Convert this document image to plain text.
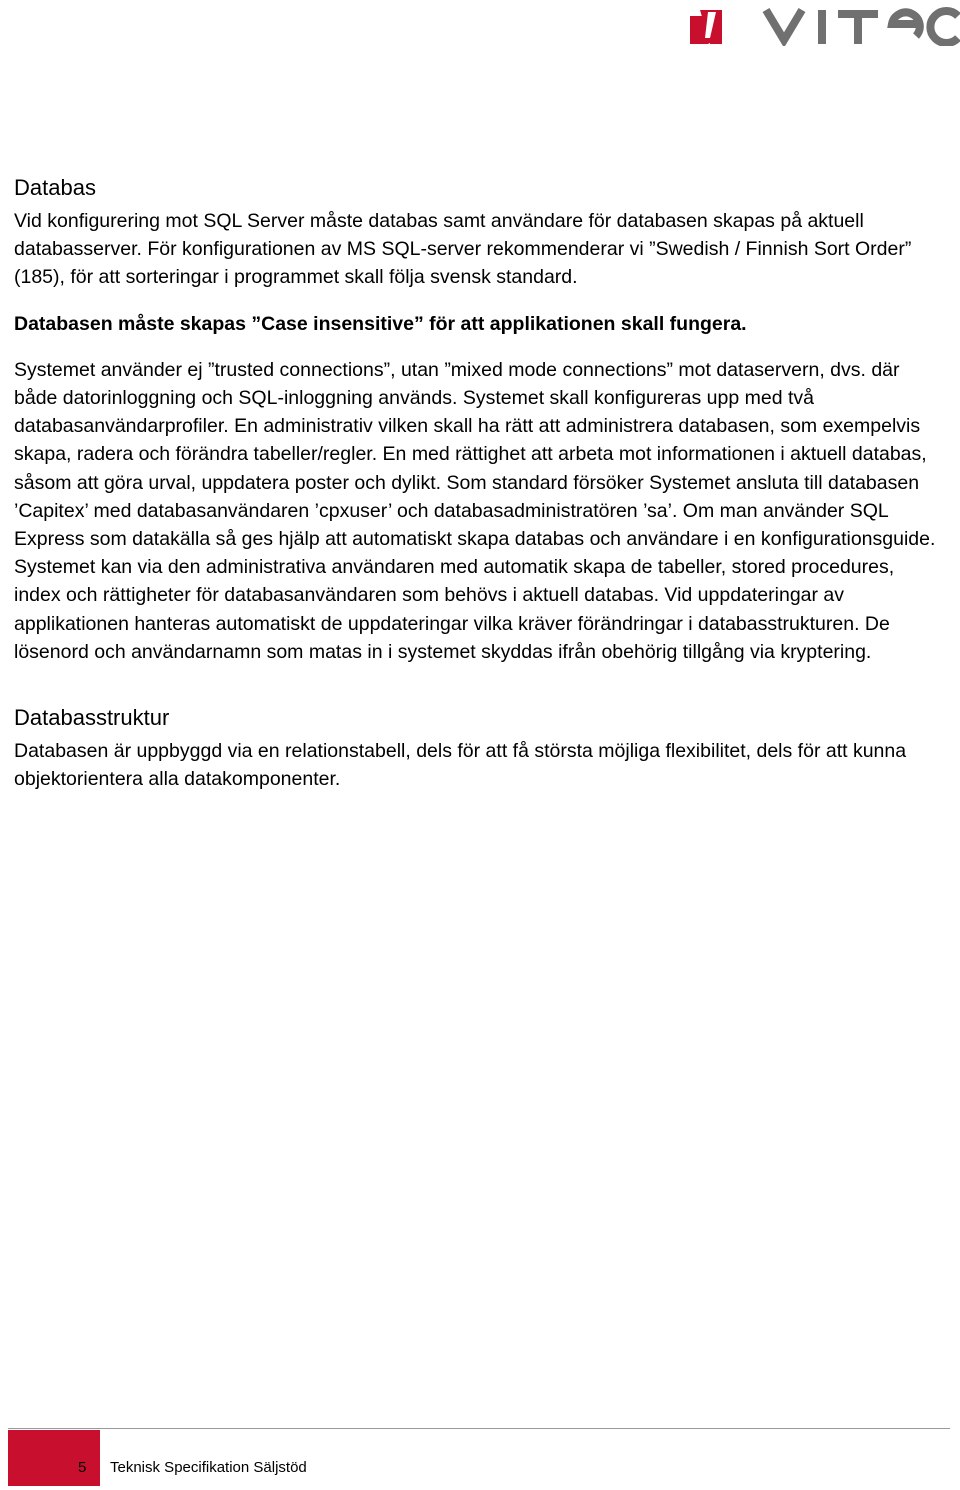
Databas

Vid konfigurering mot SQL Server måste databas samt användare för databasen skapas på aktuell databasserver. För konfigurationen av MS SQL-server rekommenderar vi ”Swedish / Finnish Sort Order” (185), för att sorteringar i programmet skall följa svensk standard.

Databasen måste skapas ”Case insensitive” för att applikationen skall fungera.

Systemet använder ej ”trusted connections”, utan ”mixed mode connections” mot dataservern, dvs. där både datorinloggning och SQL-inloggning används. Systemet skall konfigureras upp med två databasanvändarprofiler. En administrativ vilken skall ha rätt att administrera databasen, som exempelvis skapa, radera och förändra tabeller/regler. En med rättighet att arbeta mot informationen i aktuell databas, såsom att göra urval, uppdatera poster och dylikt. Som standard försöker Systemet ansluta till databasen ’Capitex’ med databasanvändaren ’cpxuser’ och databasadministratören ’sa’. Om man använder SQL Express som datakälla så ges hjälp att automatiskt skapa databas och användare i en konfigurationsguide. Systemet kan via den administrativa användaren med automatik skapa de tabeller, stored procedures, index och rättigheter för databasanvändaren som behövs i aktuell databas. Vid uppdateringar av applikationen hanteras automatiskt de uppdateringar vilka kräver förändringar i databasstrukturen. De lösenord och användarnamn som matas in i systemet skyddas ifrån obehörig tillgång via kryptering.

Databasstruktur

Databasen är uppbyggd via en relationstabell, dels för att få största möjliga flexibilitet, dels för att kunna objektorientera alla datakomponenter.

5 Teknisk Specifikation Säljstöd
